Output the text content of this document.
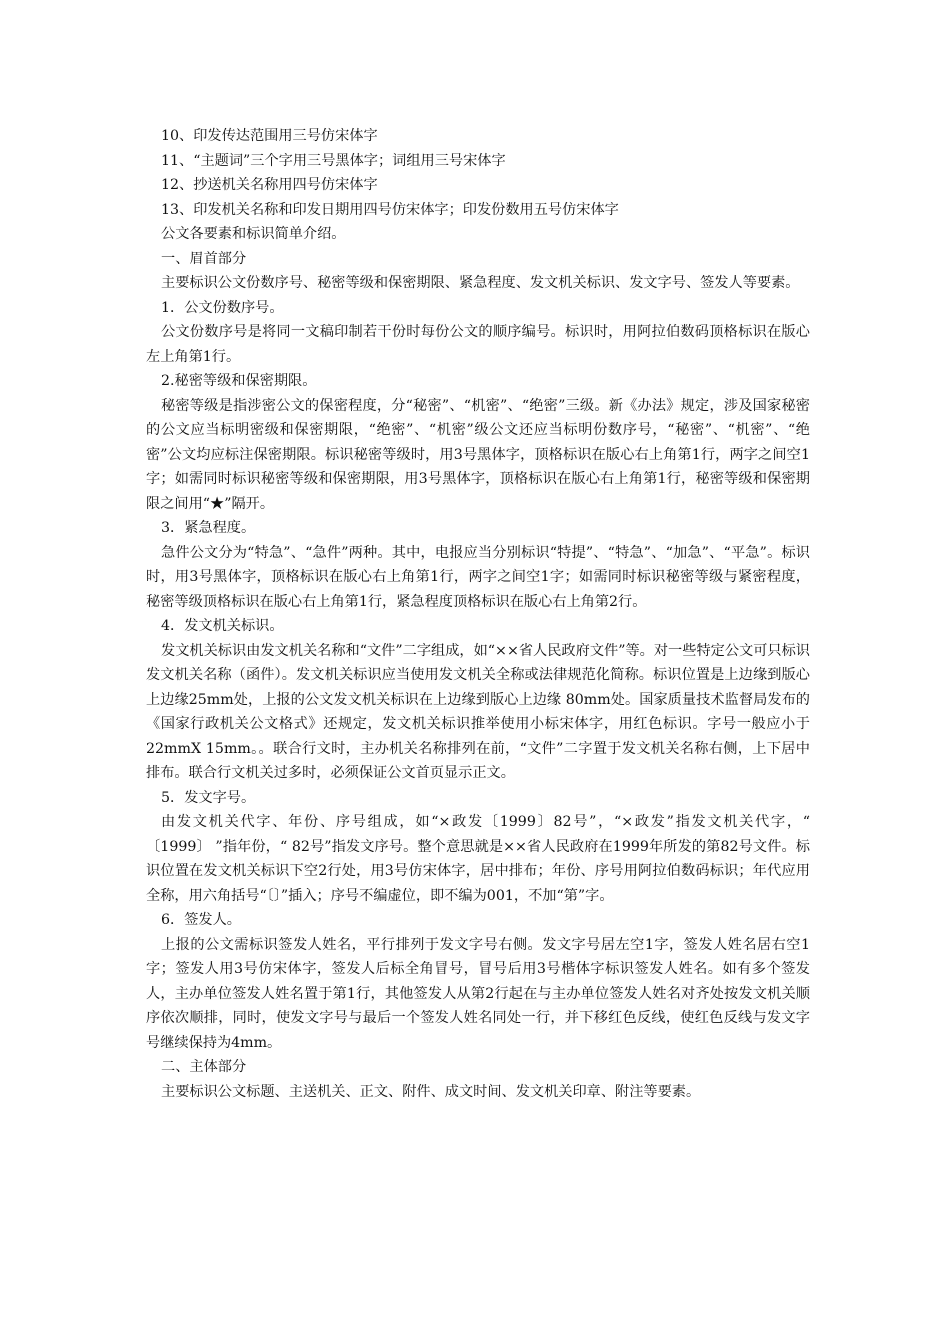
10、印发传达范围用三号仿宋体字

11、“主题词”三个字用三号黑体字；词组用三号宋体字

12、抄送机关名称用四号仿宋体字

13、印发机关名称和印发日期用四号仿宋体字；印发份数用五号仿宋体字

公文各要素和标识简单介绍。

一、眉首部分

主要标识公文份数序号、秘密等级和保密期限、紧急程度、发文机关标识、发文字号、签发人等要素。

1．公文份数序号。

公文份数序号是将同一文稿印制若干份时每份公文的顺序编号。标识时，用阿拉伯数码顶格标识在版心左上角第1行。

2.秘密等级和保密期限。

秘密等级是指涉密公文的保密程度，分“秘密”、“机密”、“绝密”三级。新《办法》规定，涉及国家秘密的公文应当标明密级和保密期限，“绝密”、“机密”级公文还应当标明份数序号，“秘密”、“机密”、“绝密”公文均应标注保密期限。标识秘密等级时，用3号黑体字，顶格标识在版心右上角第1行，两字之间空1字；如需同时标识秘密等级和保密期限，用3号黑体字，顶格标识在版心右上角第1行，秘密等级和保密期限之间用“★”隔开。

3．紧急程度。

急件公文分为“特急”、“急件”两种。其中，电报应当分别标识“特提”、“特急”、“加急”、“平急”。标识时，用3号黑体字，顶格标识在版心右上角第1行，两字之间空1字；如需同时标识秘密等级与紧密程度，秘密等级顶格标识在版心右上角第1行，紧急程度顶格标识在版心右上角第2行。

4．发文机关标识。

发文机关标识由发文机关名称和“文件”二字组成，如“××省人民政府文件”等。对一些特定公文可只标识发文机关名称（函件）。发文机关标识应当使用发文机关全称或法律规范化简称。标识位置是上边缘到版心上边缘25mm处，上报的公文发文机关标识在上边缘到版心上边缘 80mm处。国家质量技术监督局发布的《国家行政机关公文格式》还规定，发文机关标识推举使用小标宋体字，用红色标识。字号一般应小于22mmX 15mm。。联合行文时，主办机关名称排列在前，“文件”二字置于发文机关名称右侧，上下居中排布。联合行文机关过多时，必须保证公文首页显示正文。

5．发文字号。

由发文机关代字、年份、序号组成，如“×政发〔1999〕82号”，“×政发”指发文机关代字，“ 〔1999〕 ”指年份，“ 82号”指发文序号。整个意思就是××省人民政府在1999年所发的第82号文件。标识位置在发文机关标识下空2行处，用3号仿宋体字，居中排布；年份、序号用阿拉伯数码标识；年代应用全称，用六角括号“〔〕”插入；序号不编虚位，即不编为001，不加“第”字。

6．签发人。

上报的公文需标识签发人姓名，平行排列于发文字号右侧。发文字号居左空1字，签发人姓名居右空1字；签发人用3号仿宋体字，签发人后标全角冒号，冒号后用3号楷体字标识签发人姓名。如有多个签发人，主办单位签发人姓名置于第1行，其他签发人从第2行起在与主办单位签发人姓名对齐处按发文机关顺序依次顺排，同时，使发文字号与最后一个签发人姓名同处一行，并下移红色反线，使红色反线与发文字号继续保持为4mm。

二、主体部分

主要标识公文标题、主送机关、正文、附件、成文时间、发文机关印章、附注等要素。
